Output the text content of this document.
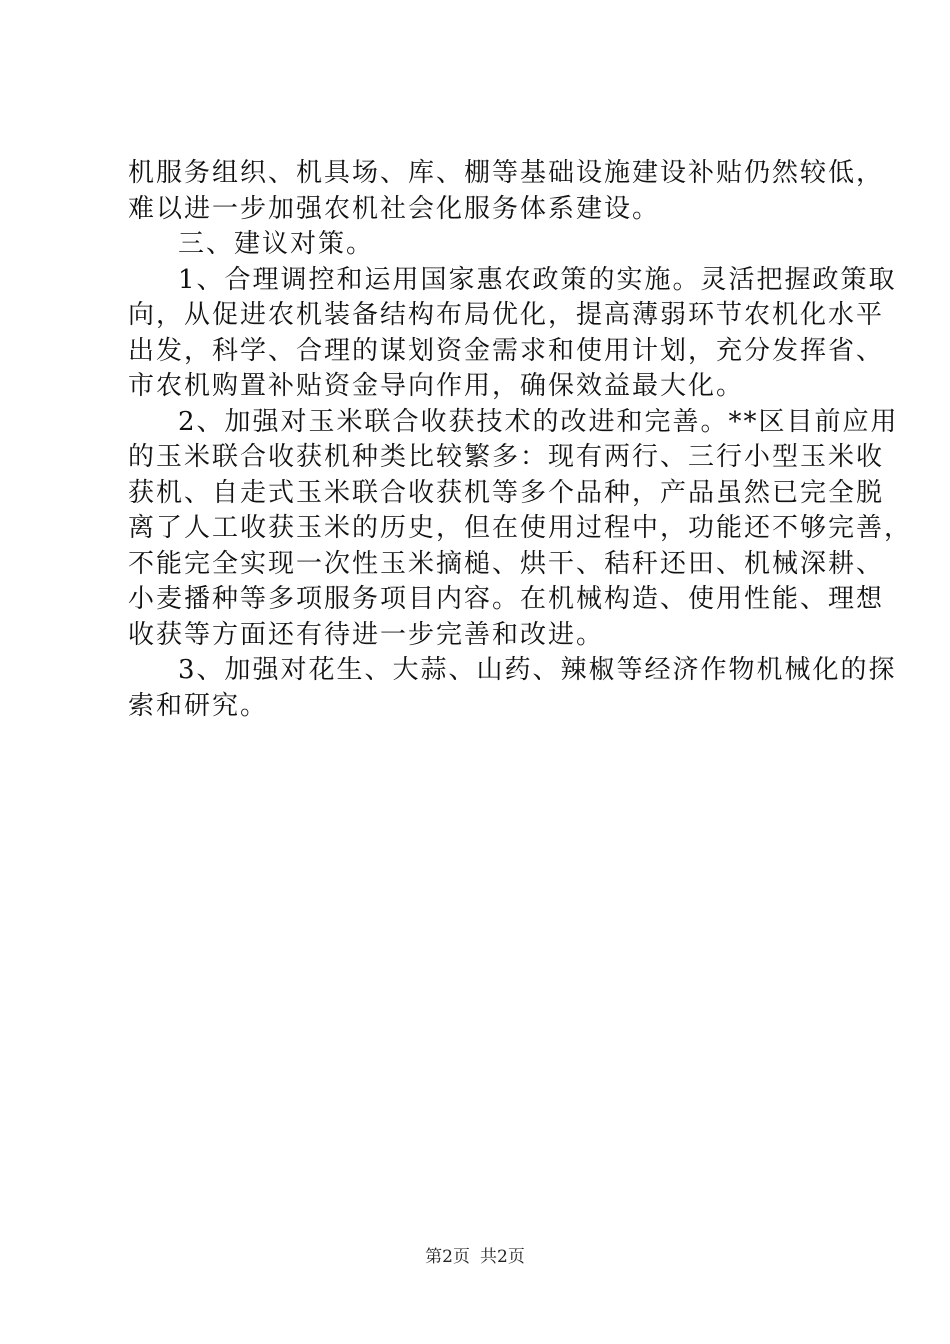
机服务组织、机具场、库、棚等基础设施建设补贴仍然较低，
难以进一步加强农机社会化服务体系建设。
三、建议对策。
1、合理调控和运用国家惠农政策的实施。灵活把握政策取
向，从促进农机装备结构布局优化，提高薄弱环节农机化水平
出发，科学、合理的谋划资金需求和使用计划，充分发挥省、
市农机购置补贴资金导向作用，确保效益最大化。
2、加强对玉米联合收获技术的改进和完善。**区目前应用
的玉米联合收获机种类比较繁多：现有两行、三行小型玉米收
获机、自走式玉米联合收获机等多个品种，产品虽然已完全脱
离了人工收获玉米的历史，但在使用过程中，功能还不够完善，
不能完全实现一次性玉米摘槌、烘干、秸秆还田、机械深耕、
小麦播种等多项服务项目内容。在机械构造、使用性能、理想
收获等方面还有待进一步完善和改进。
3、加强对花生、大蒜、山药、辣椒等经济作物机械化的探
索和研究。
第2页 共2页
